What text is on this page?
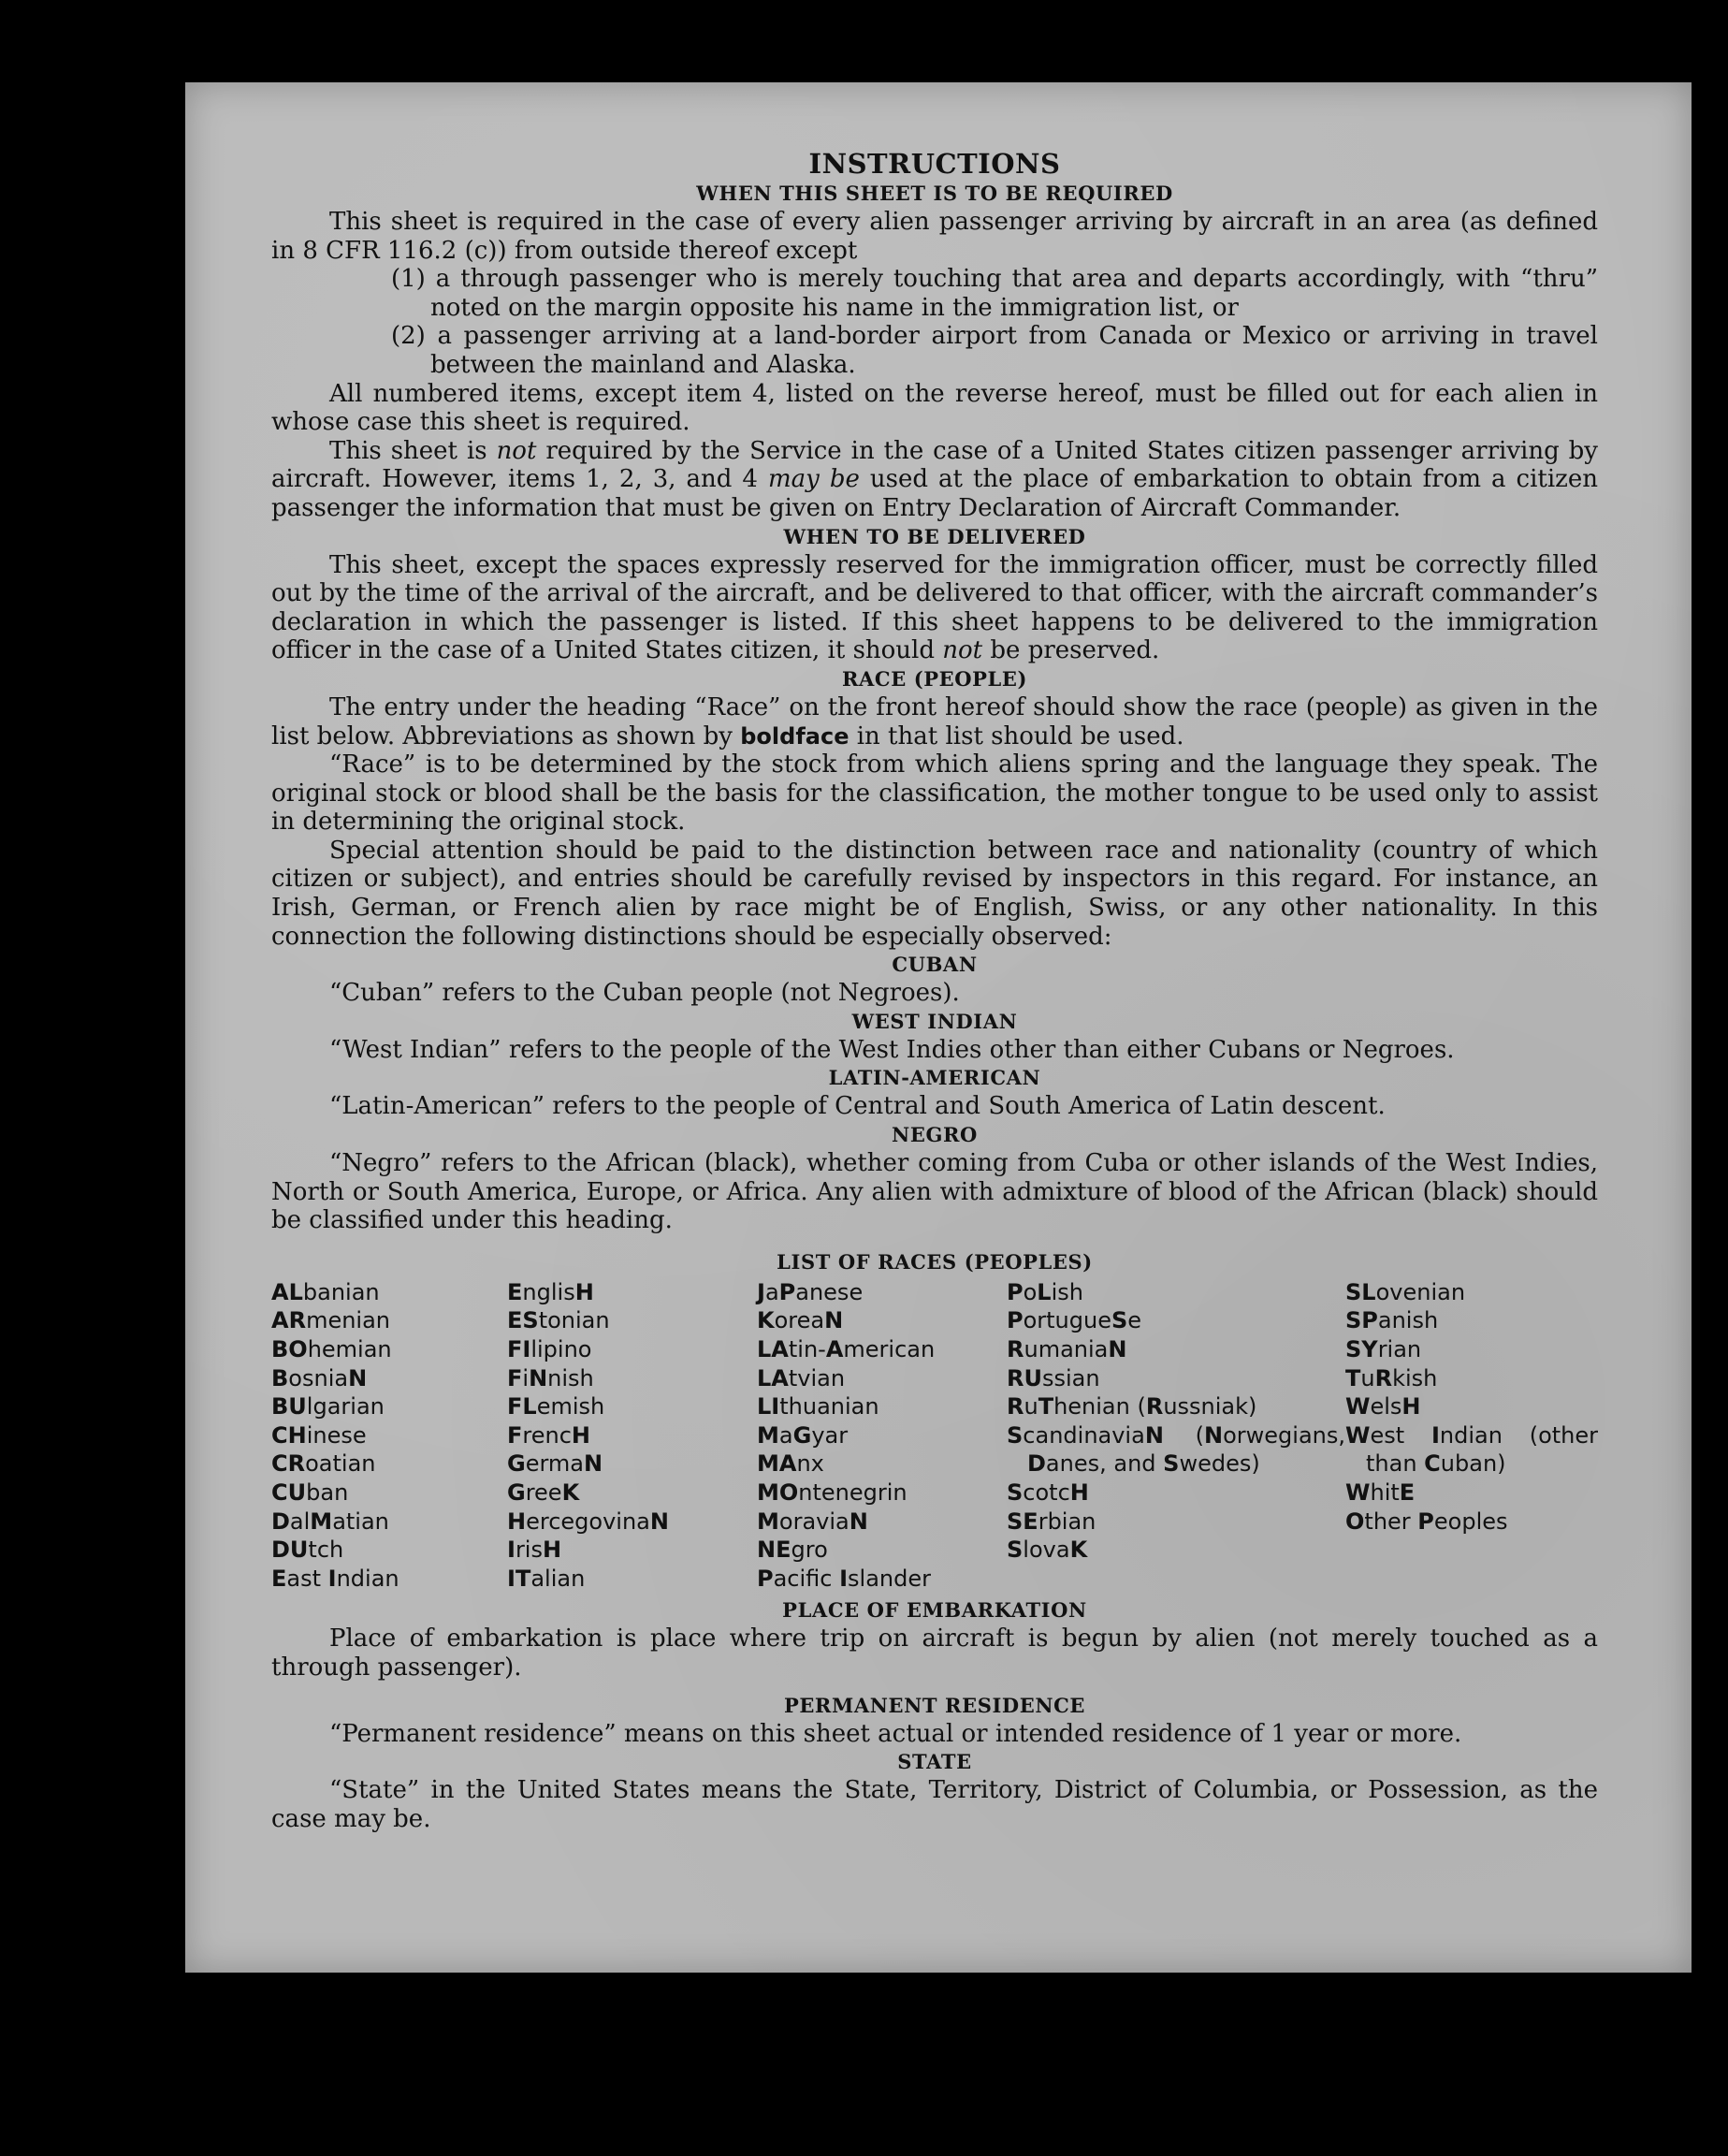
INSTRUCTIONS
WHEN THIS SHEET IS TO BE REQUIRED

This sheet is required in the case of every alien passenger arriving by aircraft in an area (as defined in 8 CFR 116.2 (c)) from outside thereof except

(1) a through passenger who is merely touching that area and departs accordingly, with “thru” noted on the margin opposite his name in the immigration list, or

(2) a passenger arriving at a land-border airport from Canada or Mexico or arriving in travel between the mainland and Alaska.

All numbered items, except item 4, listed on the reverse hereof, must be filled out for each alien in whose case this sheet is required.

This sheet is not required by the Service in the case of a United States citizen passenger arriving by aircraft. However, items 1, 2, 3, and 4 may be used at the place of embarkation to obtain from a citizen passenger the information that must be given on Entry Declaration of Aircraft Commander.

WHEN TO BE DELIVERED

This sheet, except the spaces expressly reserved for the immigration officer, must be correctly filled out by the time of the arrival of the aircraft, and be delivered to that officer, with the aircraft commander’s declaration in which the passenger is listed. If this sheet happens to be delivered to the immigration officer in the case of a United States citizen, it should not be preserved.

RACE (PEOPLE)

The entry under the heading “Race” on the front hereof should show the race (people) as given in the list below. Abbreviations as shown by boldface in that list should be used.

“Race” is to be determined by the stock from which aliens spring and the language they speak. The original stock or blood shall be the basis for the classification, the mother tongue to be used only to assist in determining the original stock.

Special attention should be paid to the distinction between race and nationality (country of which citizen or subject), and entries should be carefully revised by inspectors in this regard. For instance, an Irish, German, or French alien by race might be of English, Swiss, or any other nationality. In this connection the following distinctions should be especially observed:

CUBAN

“Cuban” refers to the Cuban people (not Negroes).

WEST INDIAN

“West Indian” refers to the people of the West Indies other than either Cubans or Negroes.

LATIN-AMERICAN

“Latin-American” refers to the people of Central and South America of Latin descent.

NEGRO

“Negro” refers to the African (black), whether coming from Cuba or other islands of the West Indies, North or South America, Europe, or Africa. Any alien with admixture of blood of the African (black) should be classified under this heading.

LIST OF RACES (PEOPLES)
ALbanian
ARmenian
BOhemian
BosniaN
BUlgarian
CHinese
CRoatian
CUban
DalMatian
DUtch
East Indian
EnglisH
EStonian
FIlipino
FiNnish
FLemish
FrencH
GermaN
GreeK
HercegovinaN
IrisH
ITalian
JaPanese
KoreaN
LAtin-American
LAtvian
LIthuanian
MaGyar
MAnx
MOntenegrin
MoraviaN
NEgro
Pacific Islander
PoLish
PortugueSe
RumaniaN
RUssian
RuThenian (Russniak)
ScandinaviaN (Norwegians, Danes, and Swedes)
ScotcH
SErbian
SlovaK
SLovenian
SPanish
SYrian
TuRkish
WelsH
West Indian (other than Cuban)
WhitE
Other Peoples
PLACE OF EMBARKATION

Place of embarkation is place where trip on aircraft is begun by alien (not merely touched as a through passenger).

PERMANENT RESIDENCE

“Permanent residence” means on this sheet actual or intended residence of 1 year or more.

STATE

“State” in the United States means the State, Territory, District of Columbia, or Possession, as the case may be.
